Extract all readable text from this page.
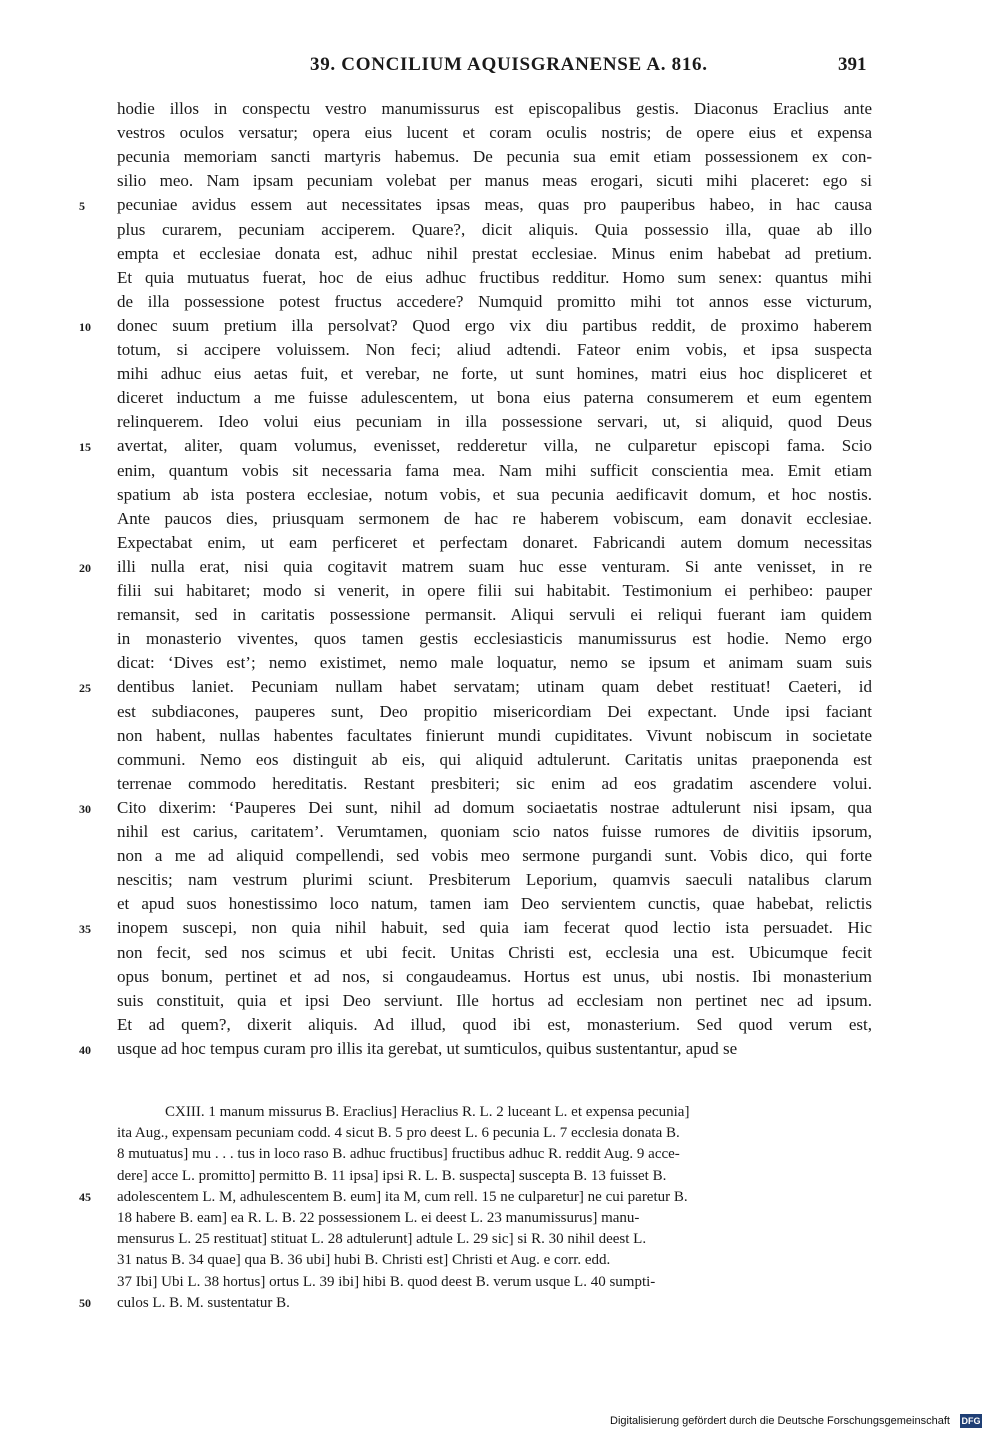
39. CONCILIUM AQUISGRANENSE A. 816.	391
hodie illos in conspectu vestro manumissurus est episcopalibus gestis. Diaconus Eraclius ante
vestros oculos versatur; opera eius lucent et coram oculis nostris; de opere eius et expensa
pecunia memoriam sancti martyris habemus. De pecunia sua emit etiam possessionem ex con-
silio meo. Nam ipsam pecuniam volebat per manus meas erogari, sicuti mihi placeret: ego si
pecuniae avidus essem aut necessitates ipsas meas, quas pro pauperibus habeo, in hac causa
5
plus curarem, pecuniam acciperem. Quare?, dicit aliquis. Quia possessio illa, quae ab illo
empta et ecclesiae donata est, adhuc nihil prestat ecclesiae. Minus enim habebat ad pretium.
Et quia mutuatus fuerat, hoc de eius adhuc fructibus redditur. Homo sum senex: quantus mihi
de illa possessione potest fructus accedere? Numquid promitto mihi tot annos esse victurum,
donec suum pretium illa persolvat? Quod ergo vix diu partibus reddit, de proximo haberem
10
totum, si accipere voluissem. Non feci; aliud adtendi. Fateor enim vobis, et ipsa suspecta
mihi adhuc eius aetas fuit, et verebar, ne forte, ut sunt homines, matri eius hoc displiceret et
diceret inductum a me fuisse adulescentem, ut bona eius paterna consumerem et eum egentem
relinquerem. Ideo volui eius pecuniam in illa possessione servari, ut, si aliquid, quod Deus
avertat, aliter, quam volumus, evenisset, redderetur villa, ne culparetur episcopi fama. Scio
15
enim, quantum vobis sit necessaria fama mea. Nam mihi sufficit conscientia mea. Emit etiam
spatium ab ista postera ecclesiae, notum vobis, et sua pecunia aedificavit domum, et hoc nostis.
Ante paucos dies, priusquam sermonem de hac re haberem vobiscum, eam donavit ecclesiae.
Expectabat enim, ut eam perficeret et perfectam donaret. Fabricandi autem domum necessitas
illi nulla erat, nisi quia cogitavit matrem suam huc esse venturam. Si ante venisset, in re
20
filii sui habitaret; modo si venerit, in opere filii sui habitabit. Testimonium ei perhibeo: pauper
remansit, sed in caritatis possessione permansit. Aliqui servuli ei reliqui fuerant iam quidem
in monasterio viventes, quos tamen gestis ecclesiasticis manumissurus est hodie. Nemo ergo
dicat: ‘Dives est’; nemo existimet, nemo male loquatur, nemo se ipsum et animam suam suis
dentibus laniet. Pecuniam nullam habet servatam; utinam quam debet restituat! Caeteri, id
25
est subdiacones, pauperes sunt, Deo propitio misericordiam Dei expectant. Unde ipsi faciant
non habent, nullas habentes facultates finierunt mundi cupiditates. Vivunt nobiscum in societate
communi. Nemo eos distinguit ab eis, qui aliquid adtulerunt. Caritatis unitas praeponenda est
terrenae commodo hereditatis. Restant presbiteri; sic enim ad eos gradatim ascendere volui.
Cito dixerim: ‘Pauperes Dei sunt, nihil ad domum sociaetatis nostrae adtulerunt nisi ipsam, qua
30
nihil est carius, caritatem’. Verumtamen, quoniam scio natos fuisse rumores de divitiis ipsorum,
non a me ad aliquid compellendi, sed vobis meo sermone purgandi sunt. Vobis dico, qui forte
nescitis; nam vestrum plurimi sciunt. Presbiterum Leporium, quamvis saeculi natalibus clarum
et apud suos honestissimo loco natum, tamen iam Deo servientem cunctis, quae habebat, relictis
inopem suscepi, non quia nihil habuit, sed quia iam fecerat quod lectio ista persuadet. Hic
35
non fecit, sed nos scimus et ubi fecit. Unitas Christi est, ecclesia una est. Ubicumque fecit
opus bonum, pertinet et ad nos, si congaudeamus. Hortus est unus, ubi nostis. Ibi monasterium
suis constituit, quia et ipsi Deo serviunt. Ille hortus ad ecclesiam non pertinet nec ad ipsum.
Et ad quem?, dixerit aliquis. Ad illud, quod ibi est, monasterium. Sed quod verum est,
usque ad hoc tempus curam pro illis ita gerebat, ut sumticulos, quibus sustentantur, apud se
40
CXIII. 1 manum missurus B. Eraclius] Heraclius R. L. 2 luceant L. et expensa pecunia]
ita Aug., expensam pecuniam codd. 4 sicut B. 5 pro deest L. 6 pecunia L. 7 ecclesia donata B.
8 mutuatus] mu . . . tus in loco raso B. adhuc fructibus] fructibus adhuc R. reddit Aug. 9 acce-
dere] acce L. promitto] permitto B. 11 ipsa] ipsi R. L. B. suspecta] suscepta B. 13 fuisset B.
adolescentem L. M, adhulescentem B. eum] ita M, cum rell. 15 ne culparetur] ne cui paretur B.
45
18 habere B. eam] ea R. L. B. 22 possessionem L. ei deest L. 23 manumissurus] manu-
mensurus L. 25 restituat] stituat L. 28 adtulerunt] adtule L. 29 sic] si R. 30 nihil deest L.
31 natus B. 34 quae] qua B. 36 ubi] hubi B. Christi est] Christi et Aug. e corr. edd.
37 Ibi] Ubi L. 38 hortus] ortus L. 39 ibi] hibi B. quod deest B. verum usque L. 40 sumpti-
culos L. B. M. sustentatur B.
50
Digitalisierung gefördert durch die Deutsche Forschungsgemeinschaft DFG
